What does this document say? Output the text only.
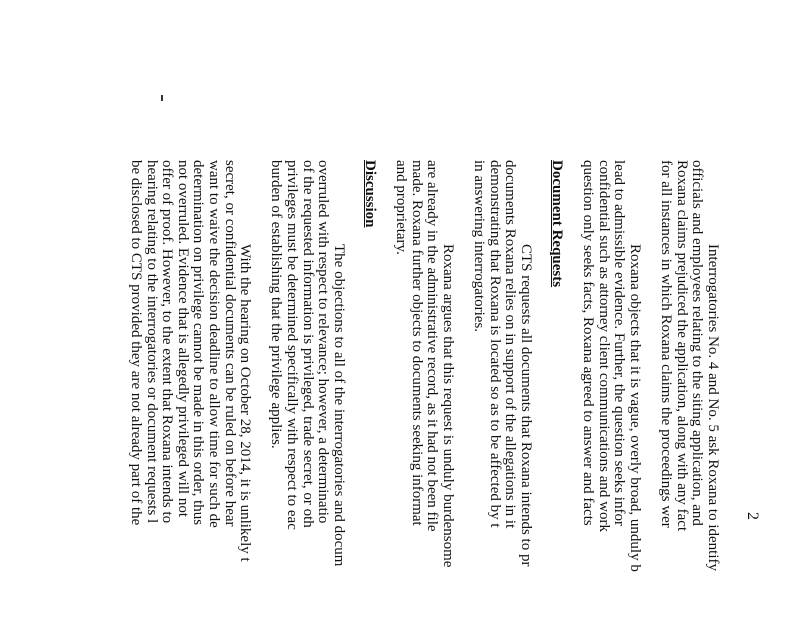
2
Interrogatories No. 4 and No. 5 ask Roxana to identify
officials and employees relating to the siting application, and
Roxana claims prejudiced the application, along with any fact
for all instances in which Roxana claims the proceedings wer
Roxana objects that it is vague, overly broad, unduly b
lead to admissible evidence. Further, the question seeks infor
confidential such as attorney client communications and work
question only seeks facts, Roxana agreed to answer and facts
Document Requests
CTS requests all documents that Roxana intends to pr
documents Roxana relies on in support of the allegations in it
demonstrating that Roxana is located so as to be affected by t
in answering interrogatories.
Roxana argues that this request is unduly burdensome
are already in the administrative record, as it had not been file
made. Roxana further objects to documents seeking informat
and proprietary.
Discussion
The objections to all of the interrogatories and docum
overruled with respect to relevance; however, a determinatio
of the requested information is privileged, trade secret, or oth
privileges must be determined specifically with respect to eac
burden of establishing that the privilege applies.
With the hearing on October 28, 2014, it is unlikely t
secret, or confidential documents can be ruled on before hear
want to waive the decision deadline to allow time for such de
determination on privilege cannot be made in this order, thus
not overruled. Evidence that is allegedly privileged will not
offer of proof. However, to the extent that Roxana intends to
hearing relating to the interrogatories or document requests l
be disclosed to CTS provided they are not already part of the
